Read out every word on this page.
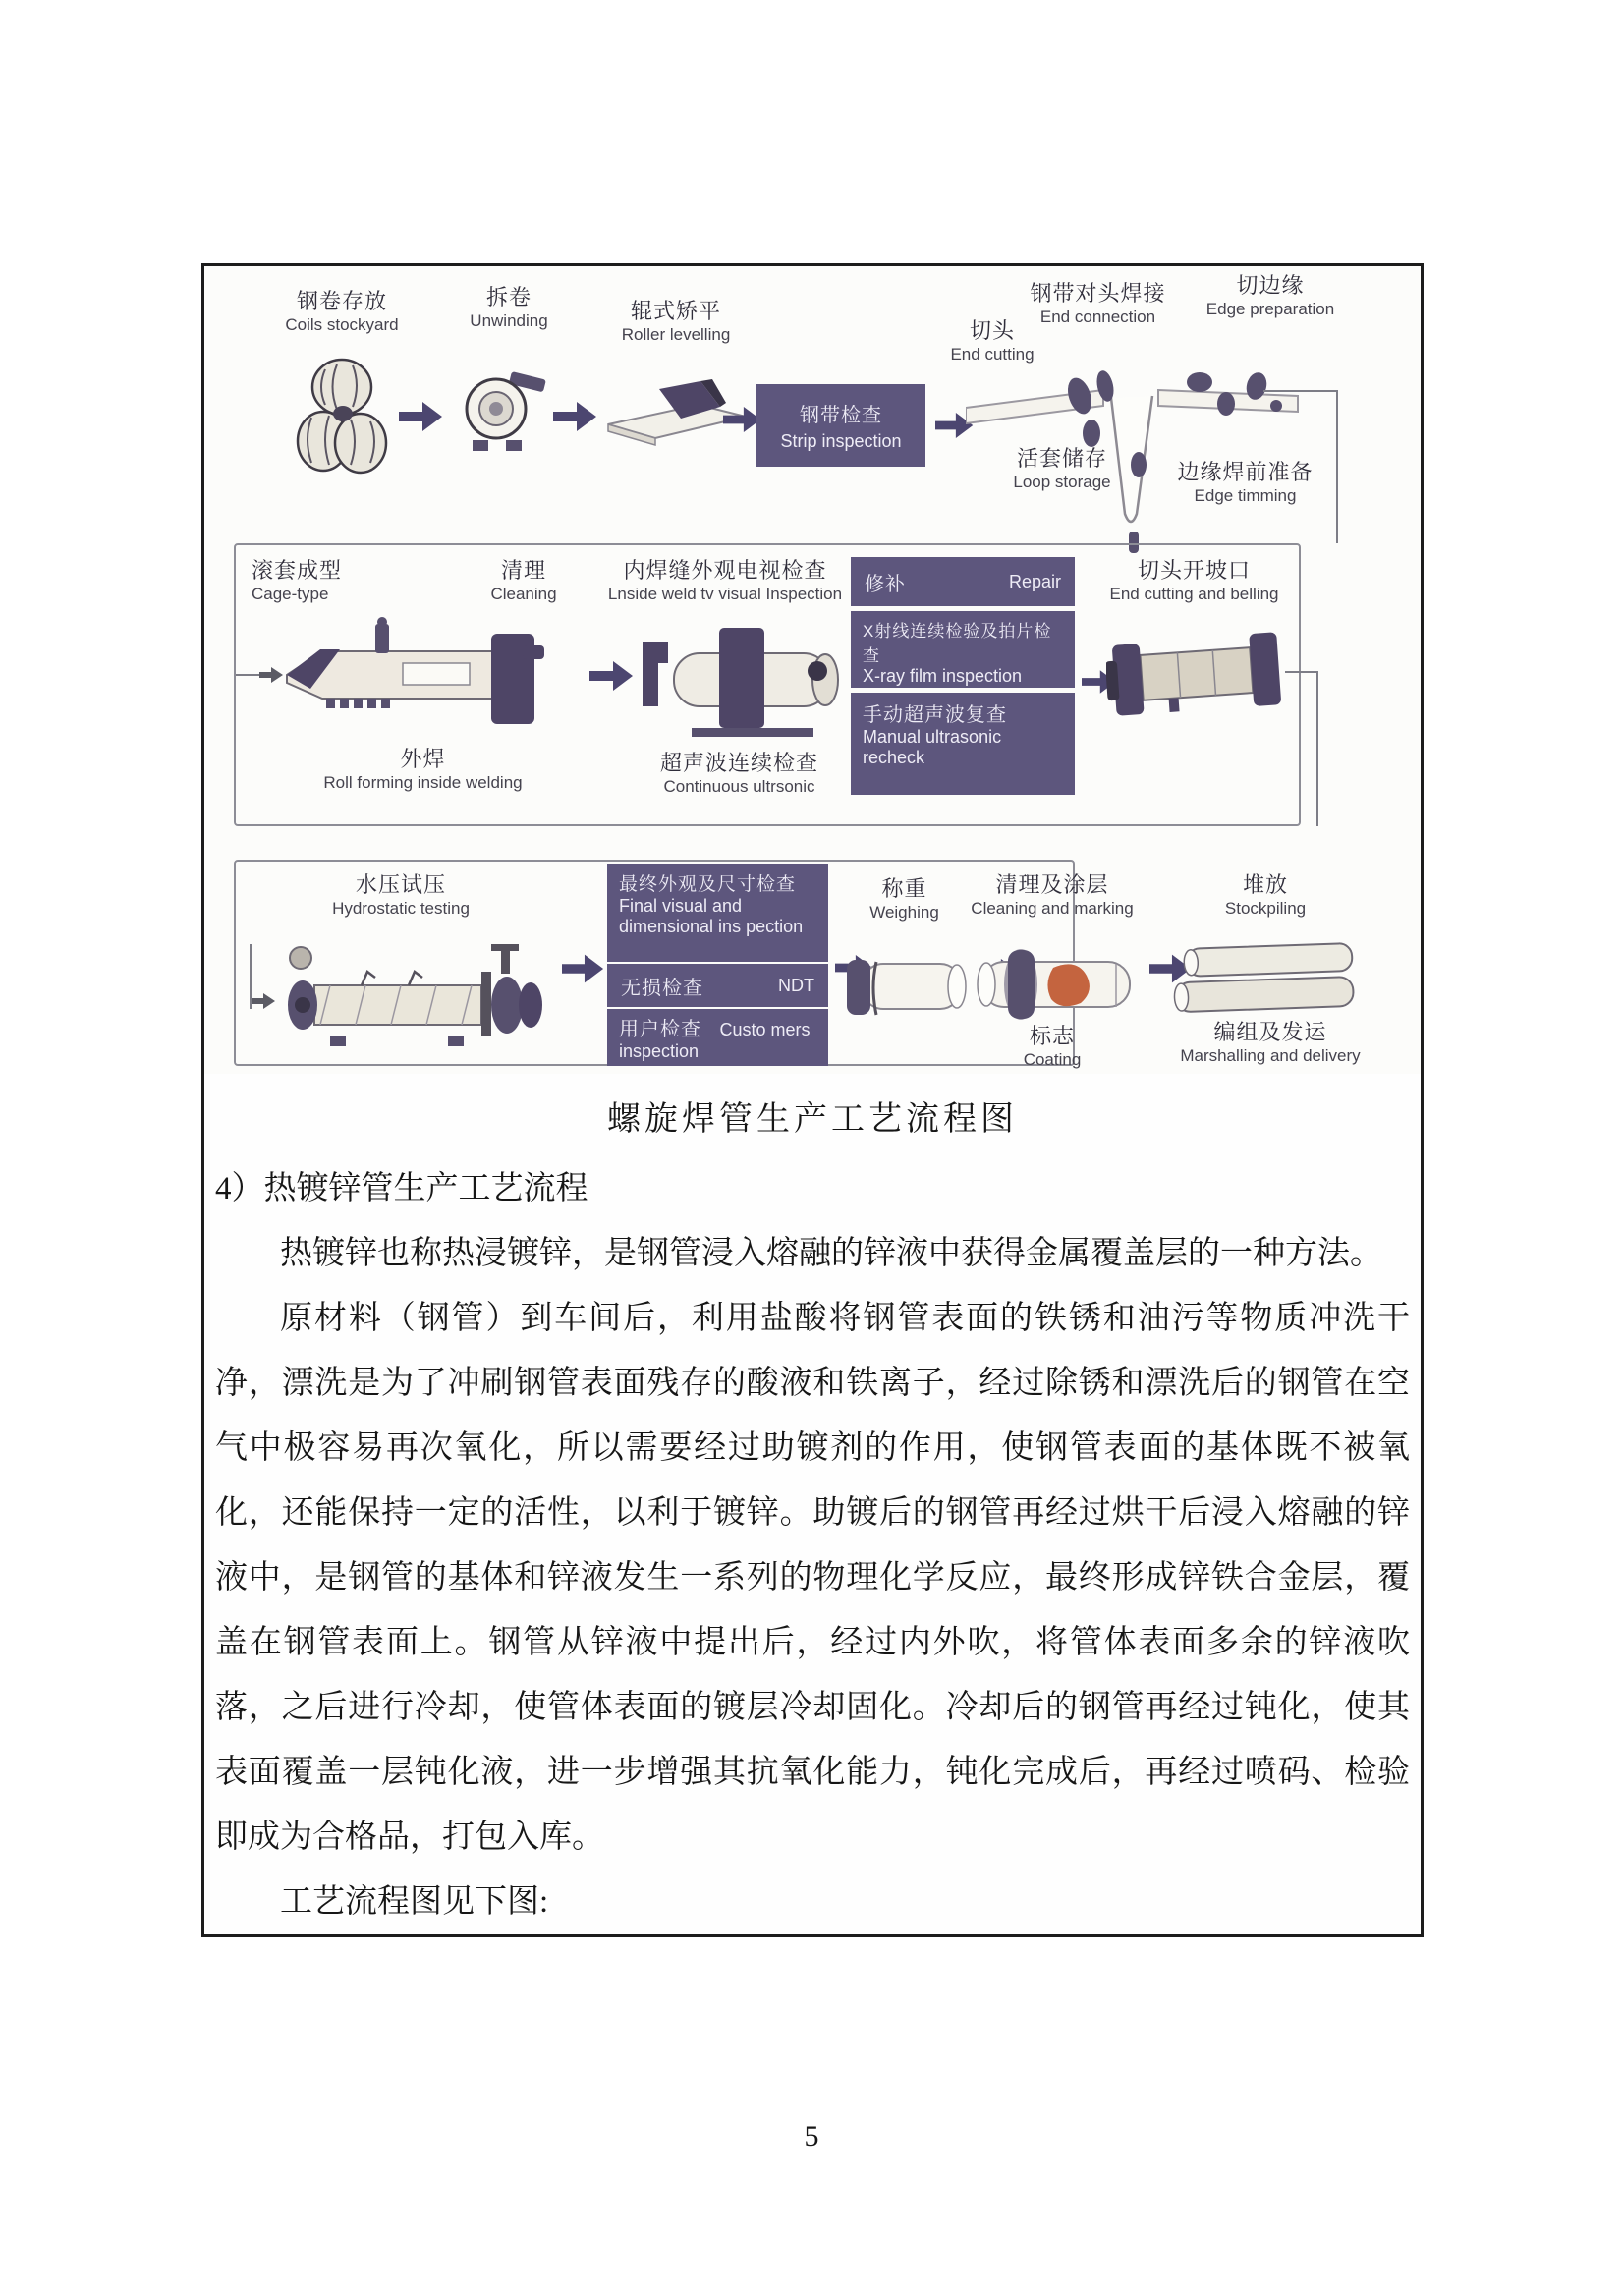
钢卷存放
Coils stockyard
拆卷
Unwinding	辊式矫平
Roller levelling
钢带检查
Strip inspection
切头
End cutting
钢带对头焊接
End connection
切边缘
Edge preparation
活套储存
Loop storage	边缘焊前准备
Edge timming
滚套成型
Cage-type
清理
Cleaning
内焊缝外观电视检查
Lnside weld tv visual Inspection
外焊
Roll forming inside welding
超声波连续检查
Continuous ultrsonic
修补	Repair
X射线连续检验及拍片检查
X-ray film inspection
手动超声波复查
Manual ultrasonic recheck
切头开坡口
End cutting and belling
水压试压
Hydrostatic testing
最终外观及尺寸检查
Final visual and dimensional ins pection
无损检查	NDT
用户检查 Custo mers inspection
称重
Weighing
清理及涂层
Cleaning and marking
标志
Coating
堆放
Stockpiling
编组及发运
Marshalling and delivery
螺旋焊管生产工艺流程图

4）热镀锌管生产工艺流程

热镀锌也称热浸镀锌，是钢管浸入熔融的锌液中获得金属覆盖层的一种方法。

原材料（钢管）到车间后，利用盐酸将钢管表面的铁锈和油污等物质冲洗干净，漂洗是为了冲刷钢管表面残存的酸液和铁离子，经过除锈和漂洗后的钢管在空气中极容易再次氧化，所以需要经过助镀剂的作用，使钢管表面的基体既不被氧化，还能保持一定的活性，以利于镀锌。助镀后的钢管再经过烘干后浸入熔融的锌液中，是钢管的基体和锌液发生一系列的物理化学反应，最终形成锌铁合金层，覆盖在钢管表面上。钢管从锌液中提出后，经过内外吹，将管体表面多余的锌液吹落，之后进行冷却，使管体表面的镀层冷却固化。冷却后的钢管再经过钝化，使其表面覆盖一层钝化液，进一步增强其抗氧化能力，钝化完成后，再经过喷码、检验即成为合格品，打包入库。

工艺流程图见下图:

5
